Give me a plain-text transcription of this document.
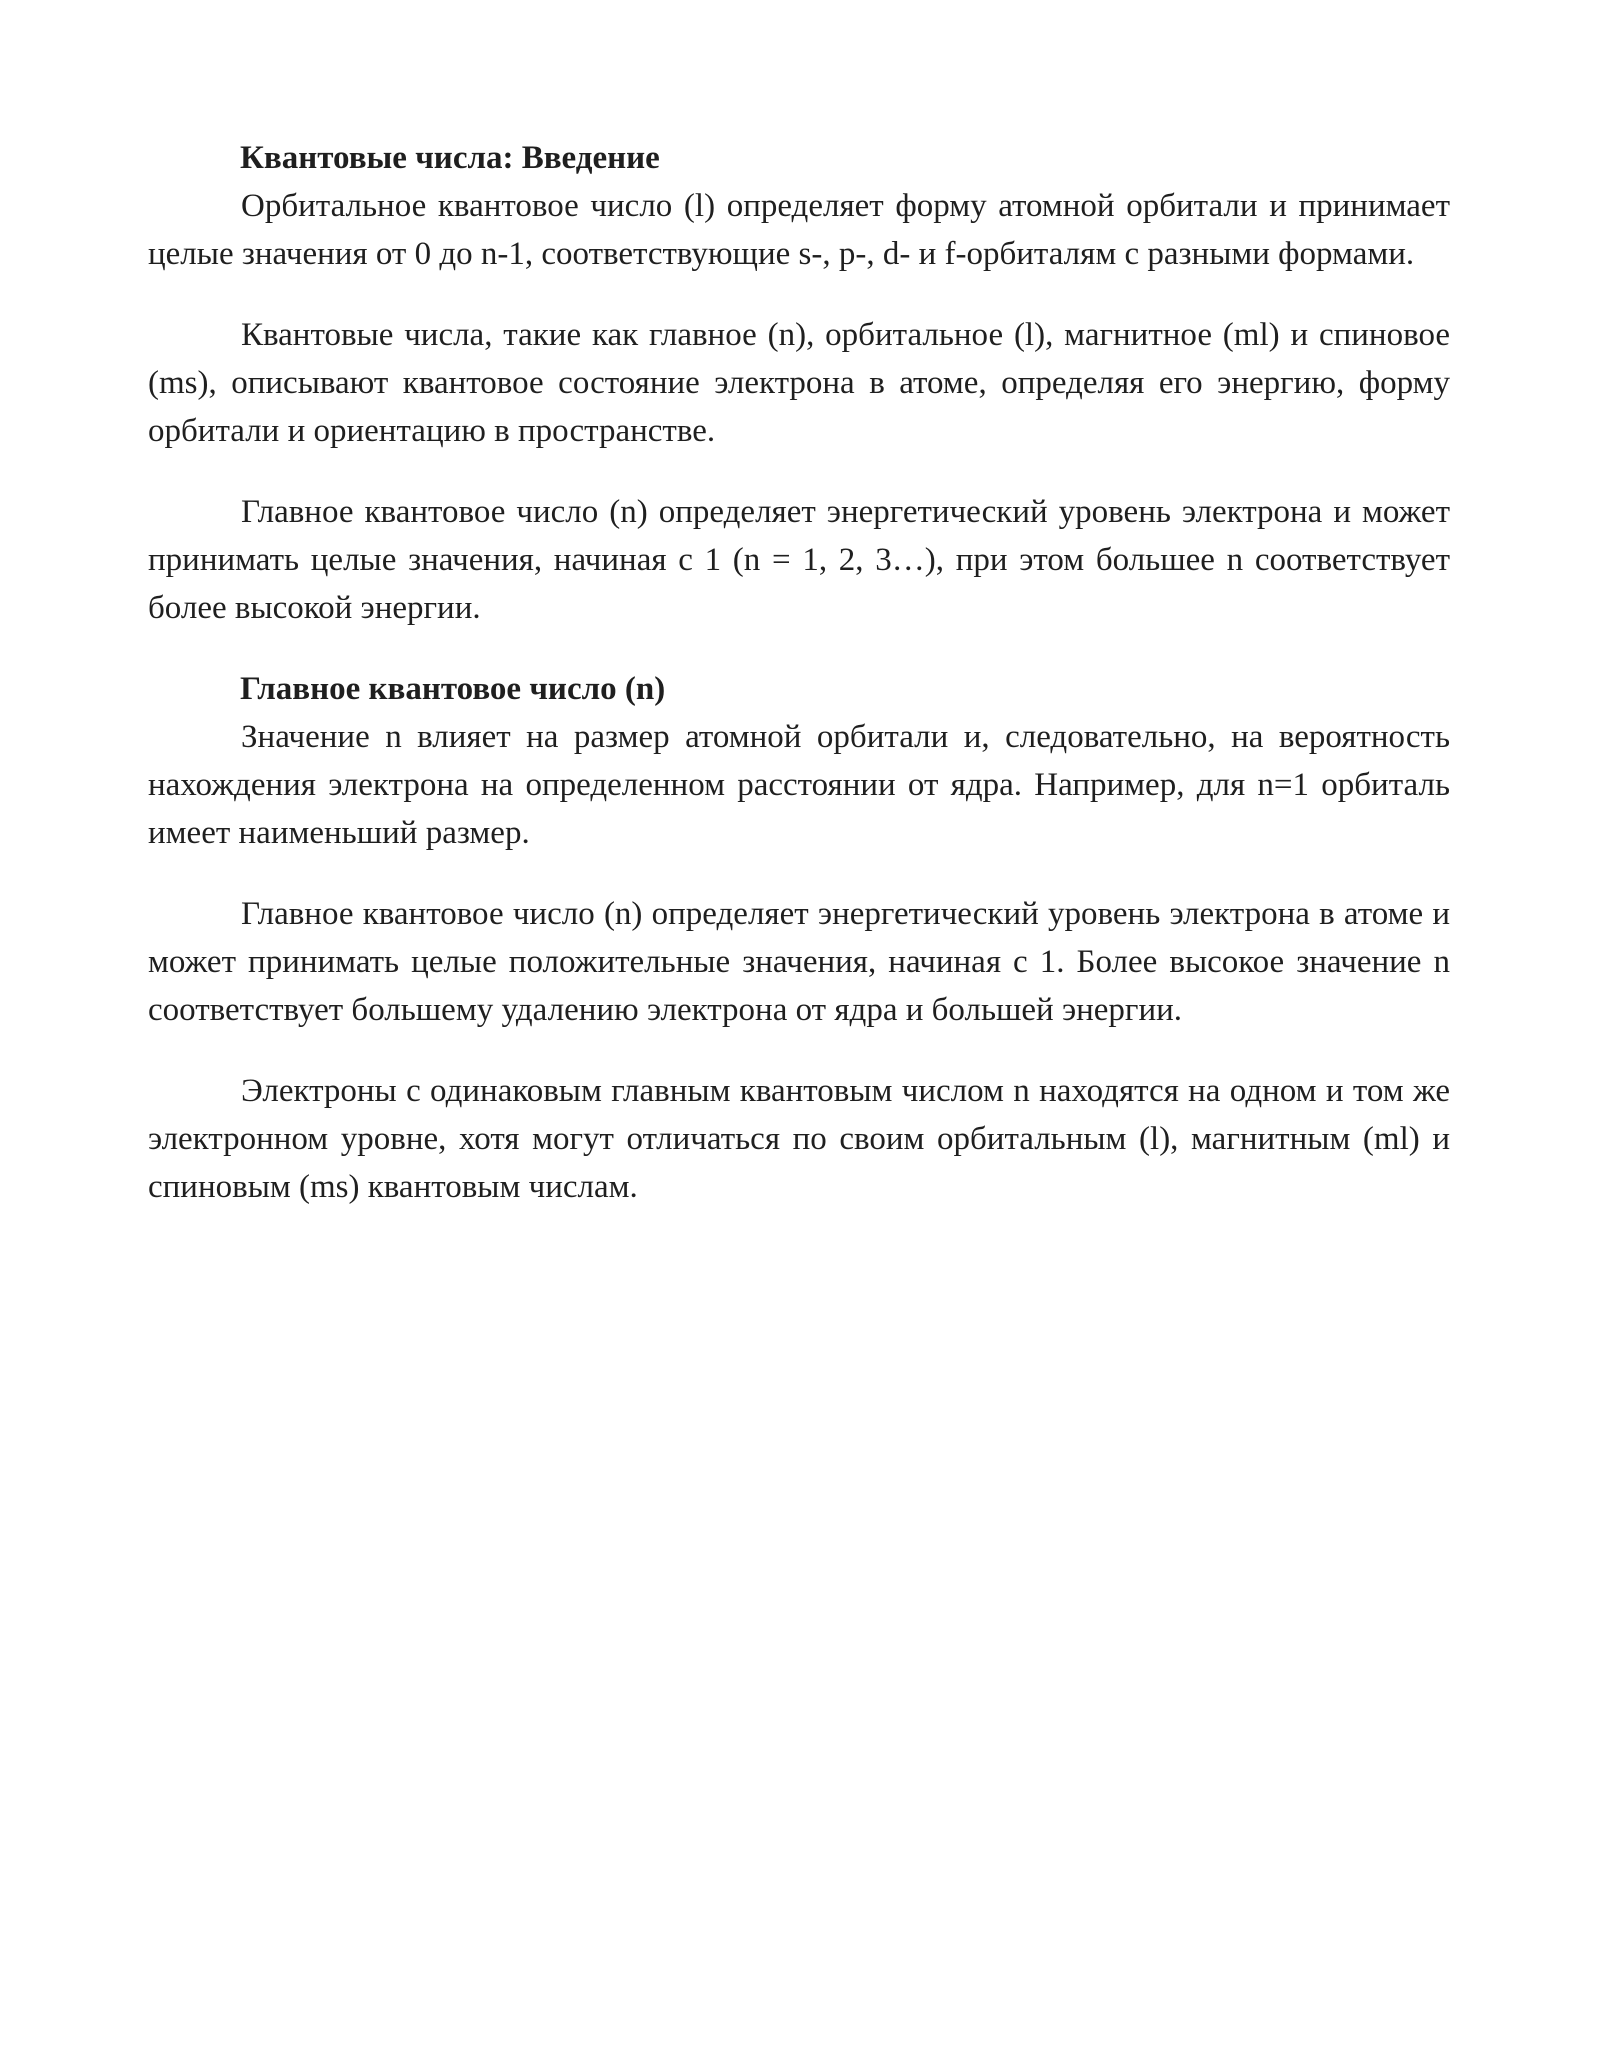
Квантовые числа: Введение

Орбитальное квантовое число (l) определяет форму атомной орбитали и принимает целые значения от 0 до n-1, соответствующие s-, p-, d- и f-орбиталям с разными формами.

Квантовые числа, такие как главное (n), орбитальное (l), магнитное (ml) и спиновое (ms), описывают квантовое состояние электрона в атоме, определяя его энергию, форму орбитали и ориентацию в пространстве.

Главное квантовое число (n) определяет энергетический уровень электрона и может принимать целые значения, начиная с 1 (n = 1, 2, 3…), при этом большее n соответствует более высокой энергии.

Главное квантовое число (n)

Значение n влияет на размер атомной орбитали и, следовательно, на вероятность нахождения электрона на определенном расстоянии от ядра. Например, для n=1 орбиталь имеет наименьший размер.

Главное квантовое число (n) определяет энергетический уровень электрона в атоме и может принимать целые положительные значения, начиная с 1. Более высокое значение n соответствует большему удалению электрона от ядра и большей энергии.

Электроны с одинаковым главным квантовым числом n находятся на одном и том же электронном уровне, хотя могут отличаться по своим орбитальным (l), магнитным (ml) и спиновым (ms) квантовым числам.
